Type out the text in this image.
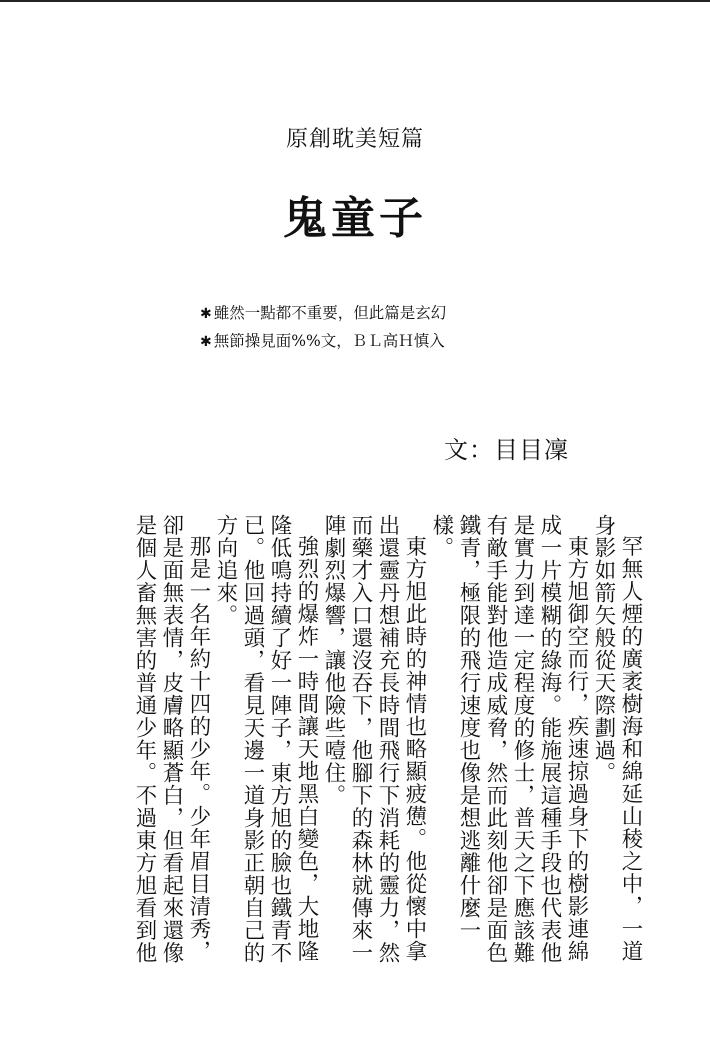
原創耽美短篇
鬼童子
✱ 雖然一點都不重要，但此篇是玄幻
✱ 無節操見面%%文，ＢＬ高Ｈ慎入
文：目目凜

罕無人煙的廣袤樹海和綿延山稜之中，一道身影如箭矢般從天際劃過。

東方旭御空而行，疾速掠過身下的樹影連綿成一片模糊的綠海。能施展這種手段也代表他是實力到達一定程度的修士，普天之下應該難有敵手能對他造成威脅，然而此刻他卻是面色鐵青，極限的飛行速度也像是想逃離什麼一樣。

東方旭此時的神情也略顯疲憊。他從懷中拿出還靈丹想補充長時間飛行下消耗的靈力，然而藥才入口還沒吞下，他腳下的森林就傳來一陣劇烈爆響，讓他險些噎住。

強烈的爆炸一時間讓天地黑白變色，大地隆隆低鳴持續了好一陣子，東方旭的臉也鐵青不已。他回過頭，看見天邊一道身影正朝自己的方向追來。

那是一名年約十四的少年。少年眉目清秀，卻是面無表情，皮膚略顯蒼白，但看起來還像是個人畜無害的普通少年。不過東方旭看到他
